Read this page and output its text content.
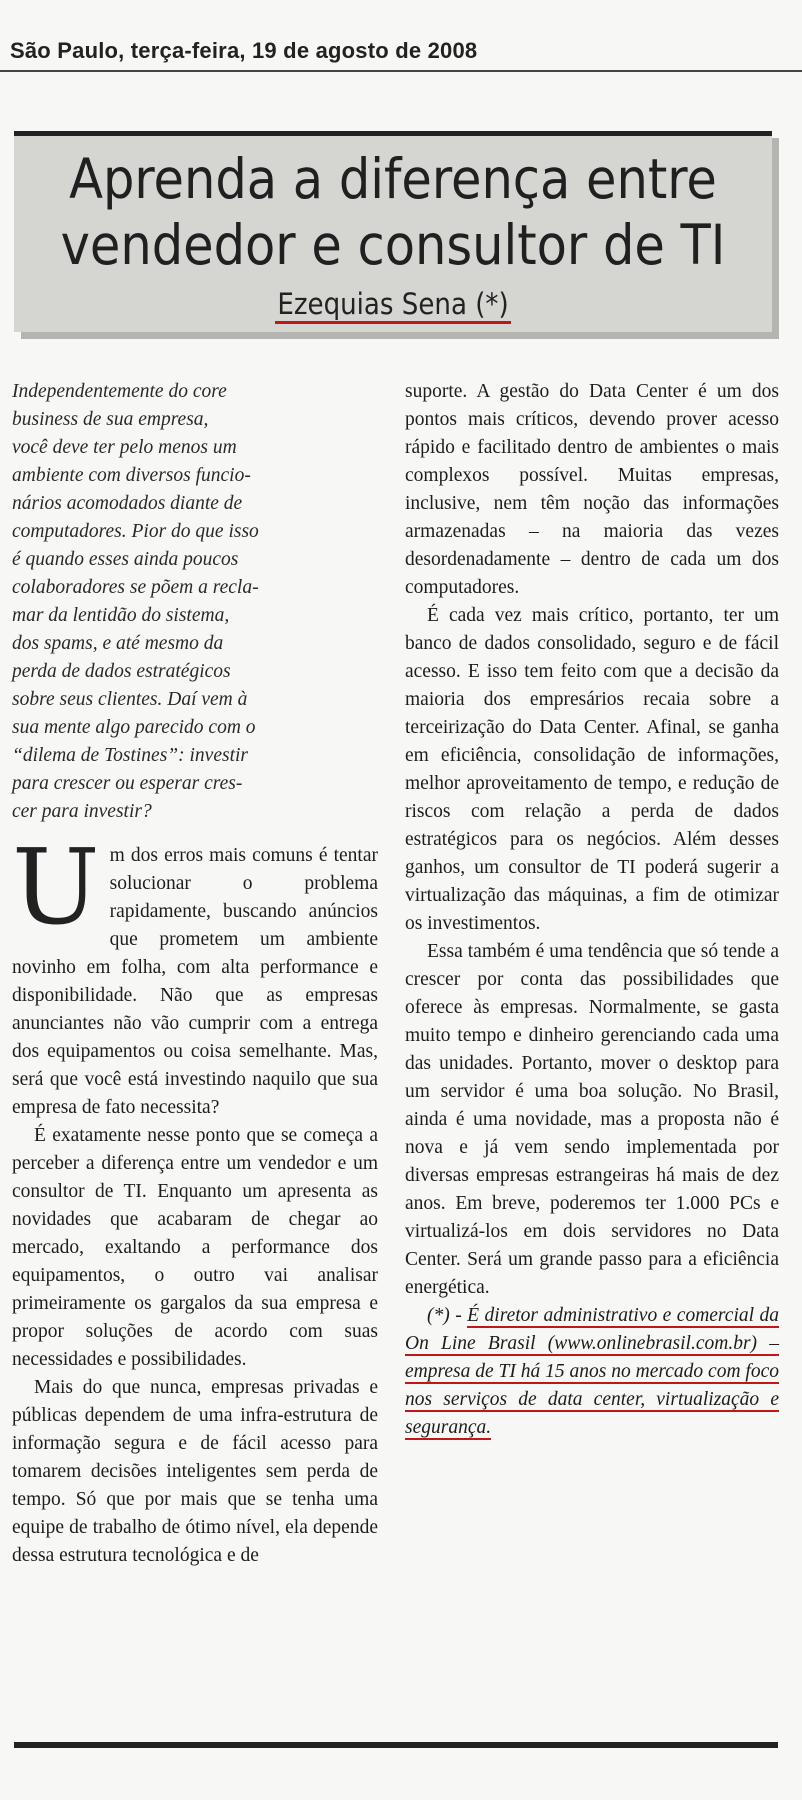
São Paulo, terça-feira, 19 de agosto de 2008
Aprenda a diferença entre
vendedor e consultor de TI
Ezequias Sena (*)
Independentemente do core
business de sua empresa,
você deve ter pelo menos um
ambiente com diversos funcio-
nários acomodados diante de
computadores. Pior do que isso
é quando esses ainda poucos
colaboradores se põem a recla-
mar da lentidão do sistema,
dos spams, e até mesmo da
perda de dados estratégicos
sobre seus clientes. Daí vem à
sua mente algo parecido com o
“dilema de Tostines”: investir
para crescer ou esperar cres-
cer para investir?

Um dos erros mais comuns é tentar solucionar o problema rapidamente, buscando anúncios que prometem um ambiente novinho em folha, com alta performance e disponibilidade. Não que as empresas anunciantes não vão cumprir com a entrega dos equipamentos ou coisa semelhante. Mas, será que você está investindo naquilo que sua empresa de fato necessita?

É exatamente nesse ponto que se começa a perceber a diferença entre um vendedor e um consultor de TI. Enquanto um apresenta as novidades que acabaram de chegar ao mercado, exaltando a performance dos equipamentos, o outro vai analisar primeiramente os gargalos da sua empresa e propor soluções de acordo com suas necessidades e possibilidades.

Mais do que nunca, empresas privadas e públicas dependem de uma infra-estrutura de informação segura e de fácil acesso para tomarem decisões inteligentes sem perda de tempo. Só que por mais que se tenha uma equipe de trabalho de ótimo nível, ela depende dessa estrutura tecnológica e de

suporte. A gestão do Data Center é um dos pontos mais críticos, devendo prover acesso rápido e facilitado dentro de ambientes o mais complexos possível. Muitas empresas, inclusive, nem têm noção das informações armazenadas – na maioria das vezes desordenadamente – dentro de cada um dos computadores.

É cada vez mais crítico, portanto, ter um banco de dados consolidado, seguro e de fácil acesso. E isso tem feito com que a decisão da maioria dos empresários recaia sobre a terceirização do Data Center. Afinal, se ganha em eficiência, consolidação de informações, melhor aproveitamento de tempo, e redução de riscos com relação a perda de dados estratégicos para os negócios. Além desses ganhos, um consultor de TI poderá sugerir a virtualização das máquinas, a fim de otimizar os investimentos.

Essa também é uma tendência que só tende a crescer por conta das possibilidades que oferece às empresas. Normalmente, se gasta muito tempo e dinheiro gerenciando cada uma das unidades. Portanto, mover o desktop para um servidor é uma boa solução. No Brasil, ainda é uma novidade, mas a proposta não é nova e já vem sendo implementada por diversas empresas estrangeiras há mais de dez anos. Em breve, poderemos ter 1.000 PCs e virtualizá-los em dois servidores no Data Center. Será um grande passo para a eficiência energética.

(*) - É diretor administrativo e comercial da On Line Brasil (www.onlinebrasil.com.br) – empresa de TI há 15 anos no mercado com foco nos serviços de data center, virtualização e segurança.
